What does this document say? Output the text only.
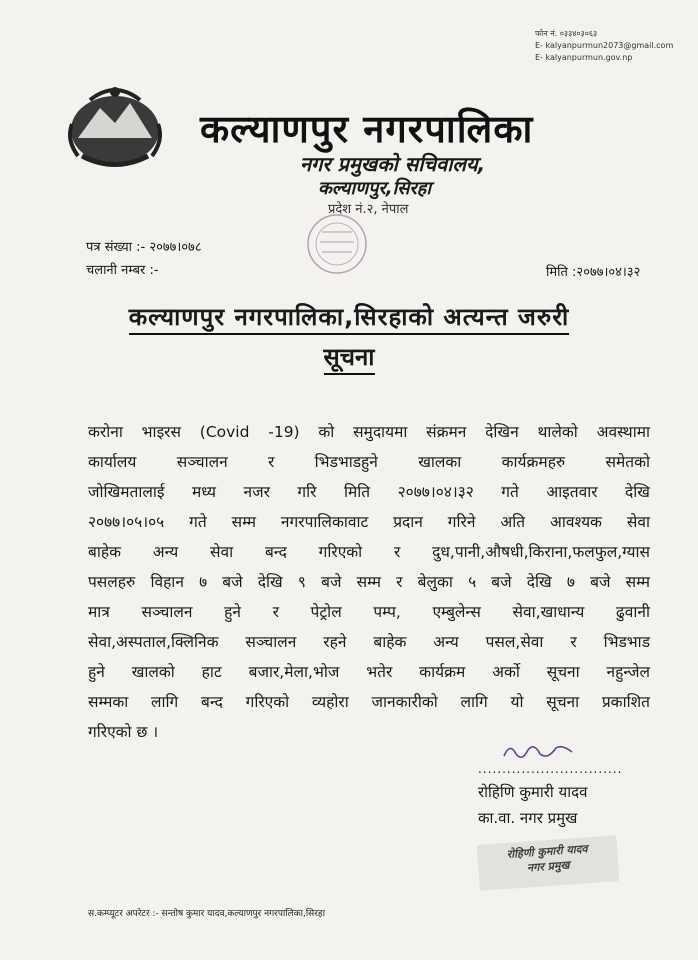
फोन नं. ०३३४०३०६३
E- kalyanpurmun2073@gmail.com
E- kalyanpurmun.gov.np
कल्याणपुर नगरपालिका
नगर प्रमुखको सचिवालय,
कल्याणपुर,सिरहा
प्रदेश नं.२, नेपाल
पत्र संख्या :- २०७७।०७८
चलानी नम्बर :-	मिति :२०७७।०४।३२
कल्याणपुर नगरपालिका,सिरहाको अत्यन्त जरुरी
सूचना
करोना भाइरस (Covid -19) को समुदायमा संक्रमन देखिन थालेको अवस्थामा
कार्यालय सञ्चालन र भिडभाडहुने खालका कार्यक्रमहरु समेतको
जोखिमतालाई मध्य नजर गरि मिति २०७७।०४।३२ गते आइतवार देखि
२०७७।०५।०५ गते सम्म नगरपालिकावाट प्रदान गरिने अति आवश्यक सेवा
बाहेक अन्य सेवा बन्द गरिएको र दुध,पानी,औषधी,किराना,फलफुल,ग्यास
पसलहरु विहान ७ बजे देखि ९ बजे सम्म र बेलुका ५ बजे देखि ७ बजे सम्म
मात्र सञ्चालन हुने र पेट्रोल पम्प, एम्बुलेन्स सेवा,खाधान्य ढुवानी
सेवा,अस्पताल,क्लिनिक सञ्चालन रहने बाहेक अन्य पसल,सेवा र भिडभाड
हुने खालको हाट बजार,मेला,भोज भतेर कार्यक्रम अर्को सूचना नहुन्जेल
सम्मका लागि बन्द गरिएको व्यहोरा जानकारीको लागि यो सूचना प्रकाशित
गरिएको छ ।
..............................
रोहिणि कुमारी यादव
का.वा. नगर प्रमुख
रोहिणी कुमारी यादव
नगर प्रमुख
स.कम्प्यूटर अपरेटर :- सन्तोष कुमार यादव,कल्याणपुर नगरपालिका,सिरहा
